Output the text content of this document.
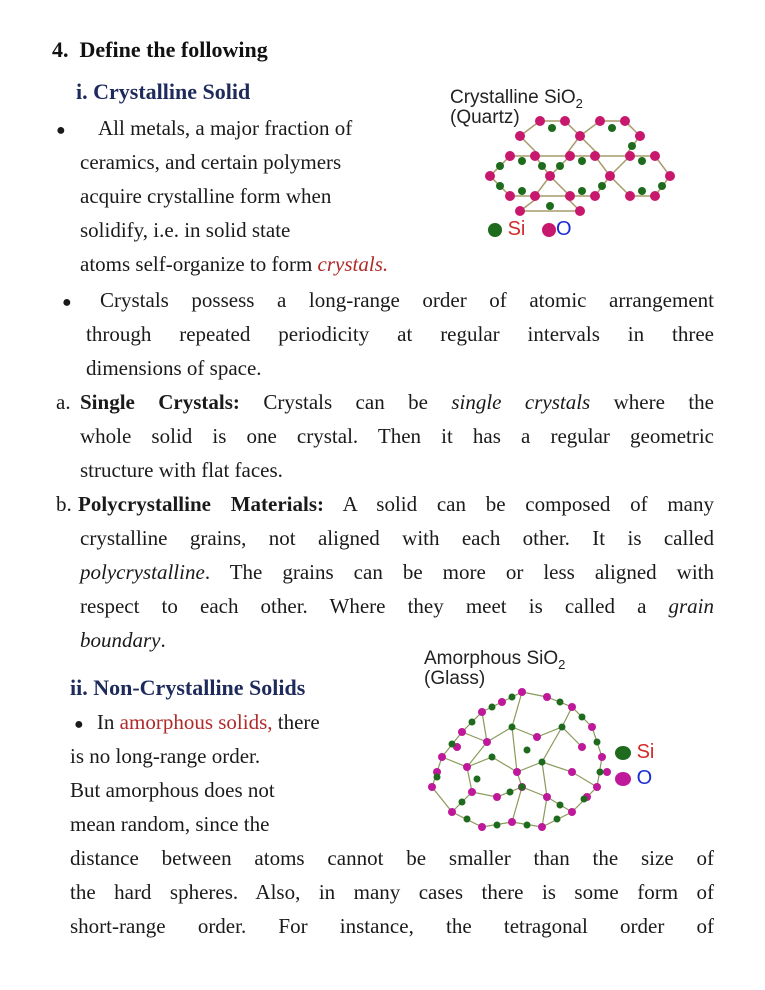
4. Define the following
i. Crystalline Solid
● All metals, a major fraction of
ceramics, and certain polymers
acquire crystalline form when
solidify, i.e. in solid state
atoms self-organize to form crystals.
Crystalline SiO$_2$
(Quartz)
Si O
● Crystals possess a long-range order of atomic arrangement
through repeated periodicity at regular intervals in three
dimensions of space.
a. Single Crystals: Crystals can be single crystals where the
whole solid is one crystal. Then it has a regular geometric
structure with flat faces.
b. Polycrystalline Materials: A solid can be composed of many
crystalline grains, not aligned with each other. It is called
polycrystalline. The grains can be more or less aligned with
respect to each other. Where they meet is called a grain
boundary.
Amorphous SiO$_2$
(Glass)
Si
O
ii. Non-Crystalline Solids
● In amorphous solids, there
is no long-range order.
But amorphous does not
mean random, since the
distance between atoms cannot be smaller than the size of
the hard spheres. Also, in many cases there is some form of
short-range order. For instance, the tetragonal order of
